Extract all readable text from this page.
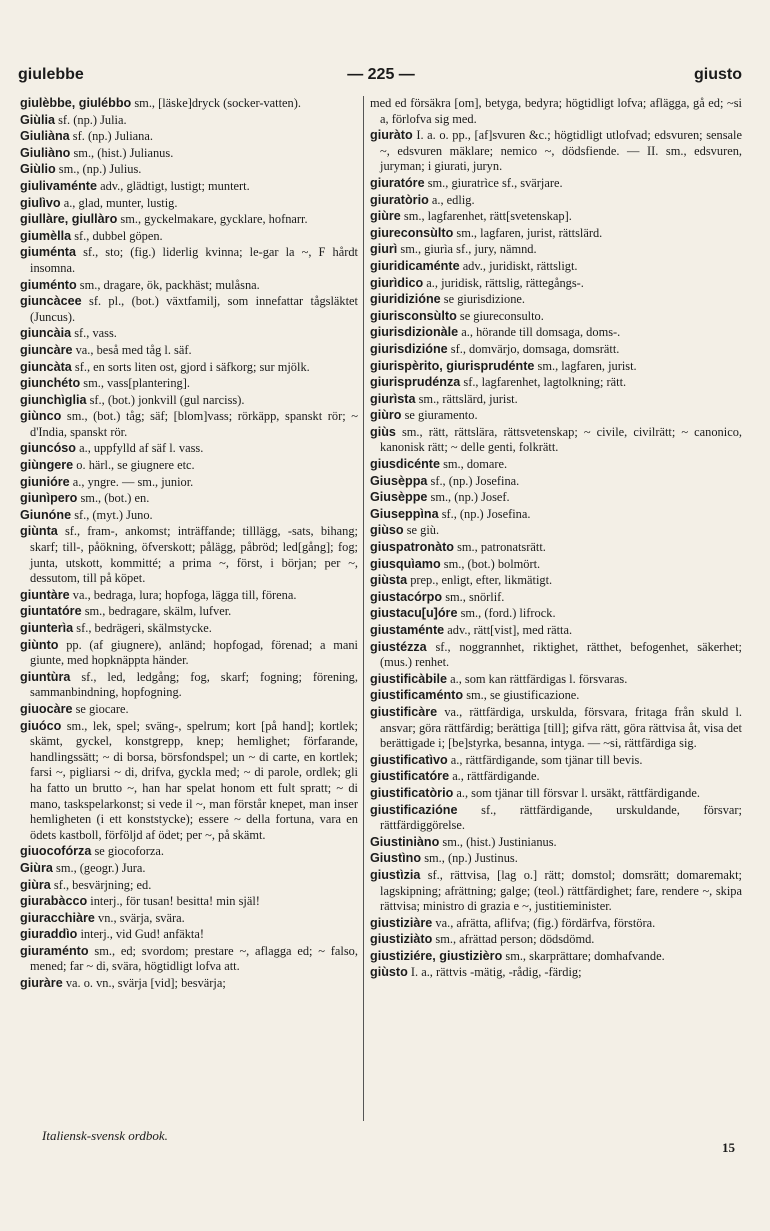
giulebbe	— 225 —	giusto

giulèbbe, giulébbo sm., [läske]dryck (socker-vatten).

Giùlia sf. (np.) Julia.

Giuliàna sf. (np.) Juliana.

Giuliàno sm., (hist.) Julianus.

Giùlio sm., (np.) Julius.

giulivaménte adv., glädtigt, lustigt; muntert.

giulìvo a., glad, munter, lustig.

giullàre, giullàro sm., gyckelmakare, gycklare, hofnarr.

giumèlla sf., dubbel göpen.

giuménta sf., sto; (fig.) liderlig kvinna; le-gar la ~, F hårdt insomna.

giuménto sm., dragare, ök, packhäst; mulåsna.

giuncàcee sf. pl., (bot.) växtfamilj, som innefattar tågsläktet (Juncus).

giuncàia sf., vass.

giuncàre va., beså med tåg l. säf.

giuncàta sf., en sorts liten ost, gjord i säfkorg; sur mjölk.

giunchéto sm., vass[plantering].

giunchìglia sf., (bot.) jonkvill (gul narciss).

giùnco sm., (bot.) tåg; säf; [blom]vass; rörkäpp, spanskt rör; ~ d'India, spanskt rör.

giuncóso a., uppfylld af säf l. vass.

giùngere o. härl., se giugnere etc.

giunióre a., yngre. — sm., junior.

giunìpero sm., (bot.) en.

Giunóne sf., (myt.) Juno.

giùnta sf., fram-, ankomst; inträffande; tilllägg, -sats, bihang; skarf; till-, påökning, öfverskott; pålägg, påbröd; led[gång]; fog; junta, utskott, kommitté; a prima ~, först, i början; per ~, dessutom, till på köpet.

giuntàre va., bedraga, lura; hopfoga, lägga till, förena.

giuntatóre sm., bedragare, skälm, lufver.

giunterìa sf., bedrägeri, skälmstycke.

giùnto pp. (af giugnere), anländ; hopfogad, förenad; a mani giunte, med hopknäppta händer.

giuntùra sf., led, ledgång; fog, skarf; fogning; förening, sammanbindning, hopfogning.

giuocàre se giocare.

giuóco sm., lek, spel; sväng-, spelrum; kort [på hand]; kortlek; skämt, gyckel, konstgrepp, knep; hemlighet; förfarande, handlingssätt; ~ di borsa, börsfondspel; un ~ di carte, en kortlek; farsi ~, pigliarsi ~ di, drifva, gyckla med; ~ di parole, ordlek; gli ha fatto un brutto ~, han har spelat honom ett fult spratt; ~ di mano, taskspelarkonst; si vede il ~, man förstår knepet, man inser hemligheten (i ett konststycke); essere ~ della fortuna, vara en ödets kastboll, förföljd af ödet; per ~, på skämt.

giuocofórza se giocoforza.

Giùra sm., (geogr.) Jura.

giùra sf., besvärjning; ed.

giurabàcco interj., för tusan! besitta! min själ!

giuracchiàre vn., svärja, svära.

giuraddìo interj., vid Gud! anfäkta!

giuraménto sm., ed; svordom; prestare ~, aflagga ed; ~ falso, mened; far ~ di, svära, högtidligt lofva att.

giuràre va. o. vn., svärja [vid]; besvärja;

med ed försäkra [om], betyga, bedyra; högtidligt lofva; aflägga, gå ed; ~si a, förlofva sig med.

giuràto I. a. o. pp., [af]svuren &c.; högtidligt utlofvad; edsvuren; sensale ~, edsvuren mäklare; nemico ~, dödsfiende. — II. sm., edsvuren, juryman; i giurati, juryn.

giuratóre sm., giuratrìce sf., svärjare.

giuratòrio a., edlig.

giùre sm., lagfarenhet, rätt[svetenskap].

giureconsùlto sm., lagfaren, jurist, rättslärd.

giurì sm., giurìa sf., jury, nämnd.

giuridicaménte adv., juridiskt, rättsligt.

giurìdico a., juridisk, rättslig, rättegångs-.

giuridizióne se giurisdizione.

giurisconsùlto se giureconsulto.

giurisdizionàle a., hörande till domsaga, doms-.

giurisdizióne sf., domvärjo, domsaga, domsrätt.

giurispèrito, giurisprudénte sm., lagfaren, jurist.

giurisprudénza sf., lagfarenhet, lagtolkning; rätt.

giurìsta sm., rättslärd, jurist.

giùro se giuramento.

giùs sm., rätt, rättslära, rättsvetenskap; ~ civile, civilrätt; ~ canonico, kanonisk rätt; ~ delle genti, folkrätt.

giusdicénte sm., domare.

Giusèppa sf., (np.) Josefina.

Giusèppe sm., (np.) Josef.

Giuseppìna sf., (np.) Josefina.

giùso se giù.

giuspatronàto sm., patronatsrätt.

giusquìamo sm., (bot.) bolmört.

giùsta prep., enligt, efter, likmätigt.

giustacórpo sm., snörlif.

giustacu[u]óre sm., (ford.) lifrock.

giustaménte adv., rätt[vist], med rätta.

giustézza sf., noggrannhet, riktighet, rätthet, befogenhet, säkerhet; (mus.) renhet.

giustificàbile a., som kan rättfärdigas l. försvaras.

giustificaménto sm., se giustificazione.

giustificàre va., rättfärdiga, urskulda, försvara, fritaga från skuld l. ansvar; göra rättfärdig; berättiga [till]; gifva rätt, göra rättvisa åt, visa det berättigade i; [be]styrka, besanna, intyga. — ~si, rättfärdiga sig.

giustificatìvo a., rättfärdigande, som tjänar till bevis.

giustificatóre a., rättfärdigande.

giustificatòrio a., som tjänar till försvar l. ursäkt, rättfärdigande.

giustificazióne sf., rättfärdigande, urskuldande, försvar; rättfärdiggörelse.

Giustiniàno sm., (hist.) Justinianus.

Giustìno sm., (np.) Justinus.

giustìzia sf., rättvisa, [lag o.] rätt; domstol; domsrätt; domaremakt; lagskipning; afrättning; galge; (teol.) rättfärdighet; fare, rendere ~, skipa rättvisa; ministro di grazia e ~, justitieminister.

giustiziàre va., afrätta, aflifva; (fig.) fördärfva, förstöra.

giustiziàto sm., afrättad person; dödsdömd.

giustiziére, giustizièro sm., skarprättare; domhafvande.

giùsto I. a., rättvis -mätig, -rådig, -färdig;

Italiensk-svensk ordbok.
15
